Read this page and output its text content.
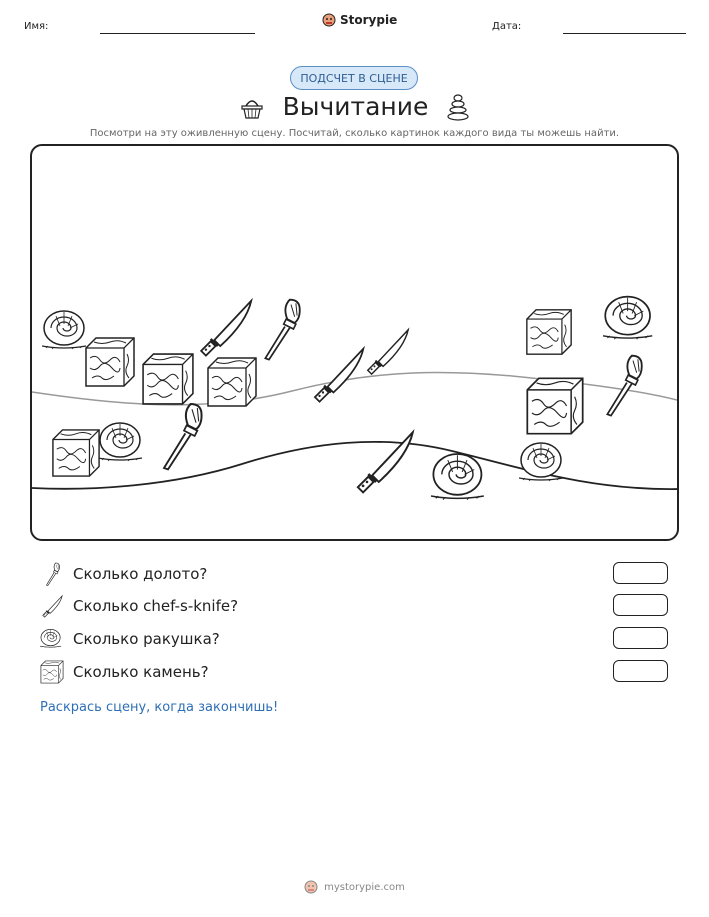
Имя:	Storypie	Дата:
ПОДСЧЕТ В СЦЕНЕ
Вычитание
Посмотри на эту оживленную сцену. Посчитай, сколько картинок каждого вида ты можешь найти.
Сколько долото?
Сколько chef-s-knife?
Сколько ракушка?
Сколько камень?
Раскрась сцену, когда закончишь!
mystorypie.com
